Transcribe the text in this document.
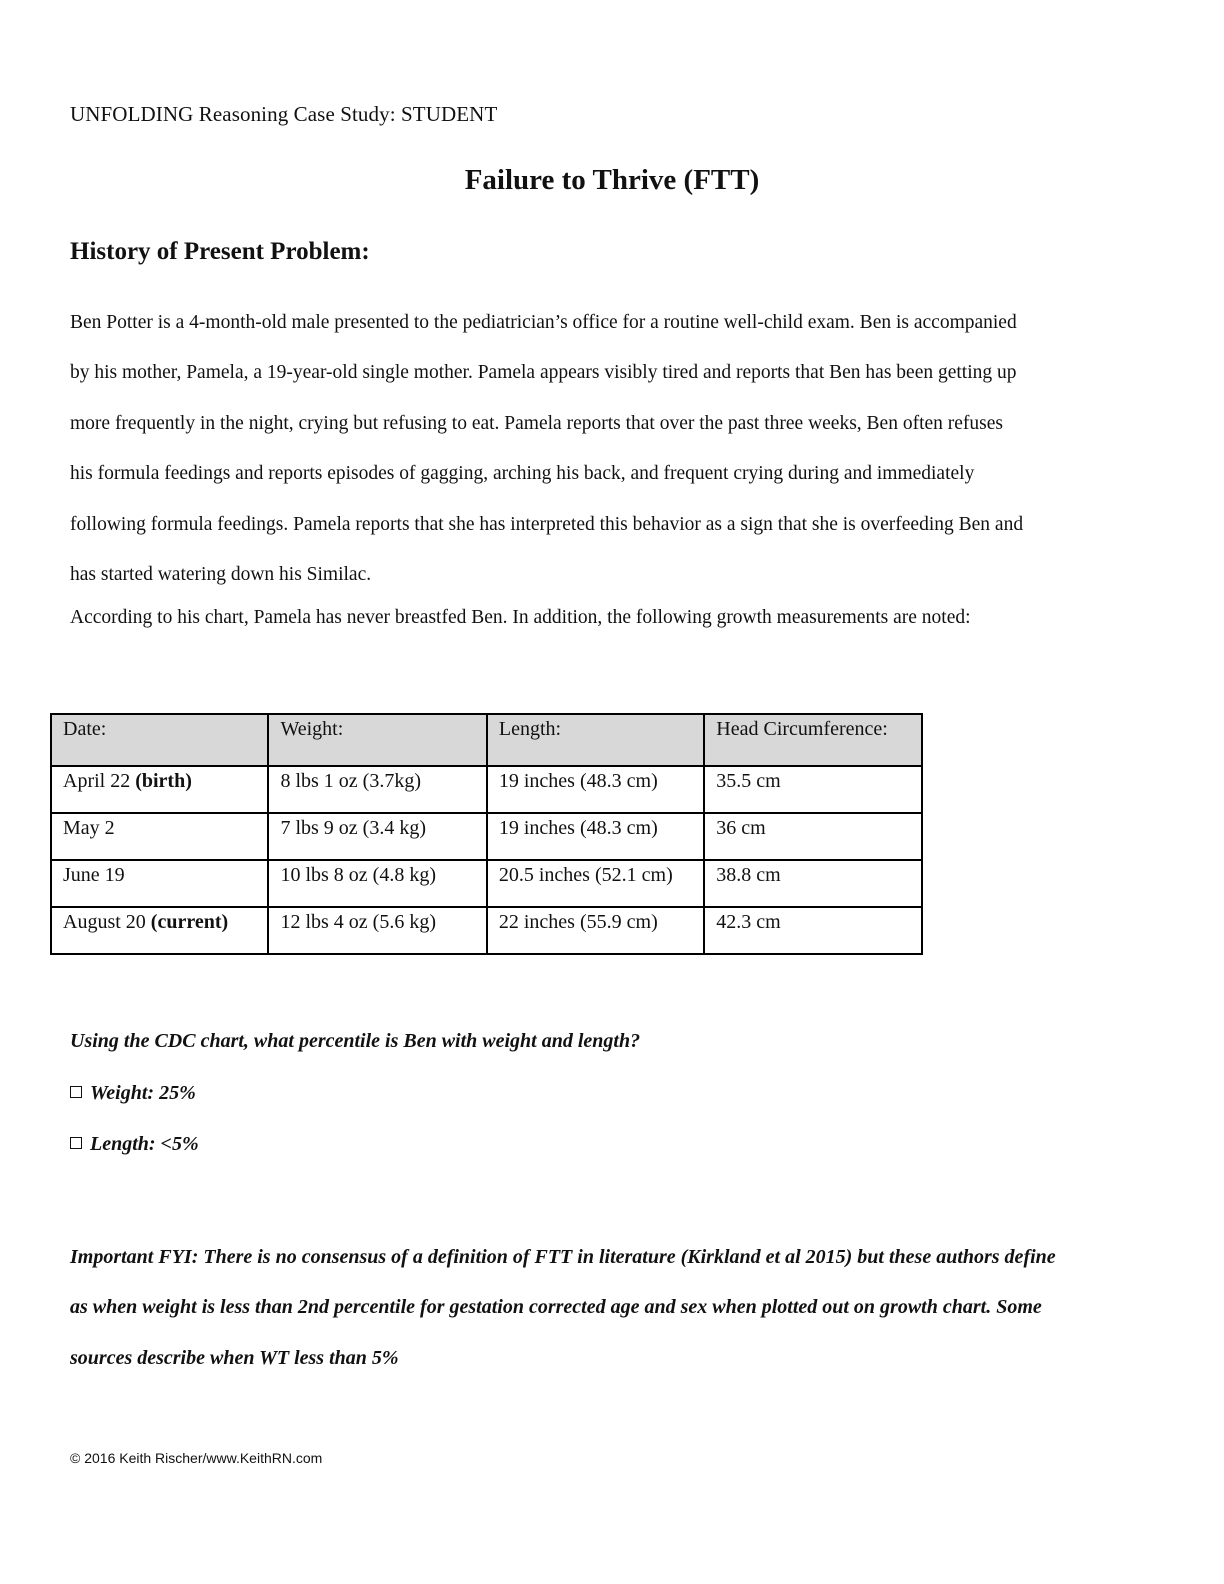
UNFOLDING Reasoning Case Study: STUDENT
Failure to Thrive (FTT)
History of Present Problem:
Ben Potter is a 4-month-old male presented to the pediatrician’s office for a routine well-child exam. Ben is accompanied
by his mother, Pamela, a 19-year-old single mother. Pamela appears visibly tired and reports that Ben has been getting up
more frequently in the night, crying but refusing to eat. Pamela reports that over the past three weeks, Ben often refuses
his formula feedings and reports episodes of gagging, arching his back, and frequent crying during and immediately
following formula feedings. Pamela reports that she has interpreted this behavior as a sign that she is overfeeding Ben and
has started watering down his Similac.
According to his chart, Pamela has never breastfed Ben. In addition, the following growth measurements are noted:
Date:	Weight:	Length:	Head Circumference:
April 22 (birth)	8 lbs 1 oz (3.7kg)	19 inches (48.3 cm)	35.5 cm
May 2	7 lbs 9 oz (3.4 kg)	19 inches (48.3 cm)	36 cm
June 19	10 lbs 8 oz (4.8 kg)	20.5 inches (52.1 cm)	38.8 cm
August 20 (current)	12 lbs 4 oz (5.6 kg)	22 inches (55.9 cm)	42.3 cm
Using the CDC chart, what percentile is Ben with weight and length?
Weight: 25%
Length: <5%
Important FYI: There is no consensus of a definition of FTT in literature (Kirkland et al 2015) but these authors define
as when weight is less than 2nd percentile for gestation corrected age and sex when plotted out on growth chart. Some
sources describe when WT less than 5%
© 2016 Keith Rischer/www.KeithRN.com
